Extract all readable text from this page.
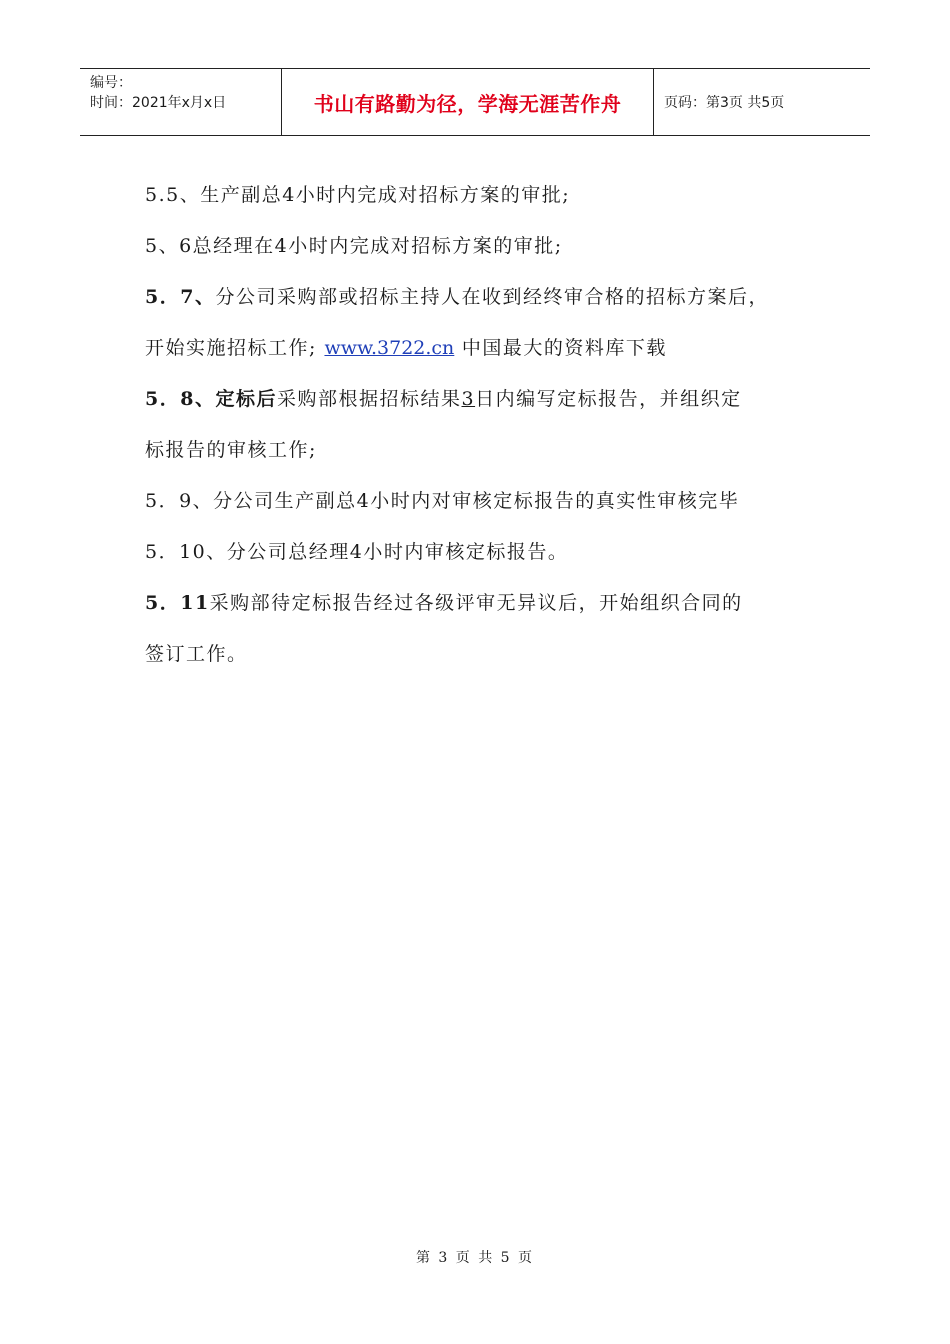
编号：
时间：2021年x月x日	书山有路勤为径，学海无涯苦作舟	页码：第3页 共5页
5.5、生产副总4小时内完成对招标方案的审批;
5、6总经理在4小时内完成对招标方案的审批;
5．7、分公司采购部或招标主持人在收到经终审合格的招标方案后，
开始实施招标工作; www.3722.cn 中国最大的资料库下载
5．8、定标后采购部根据招标结果3日内编写定标报告，并组织定
标报告的审核工作;
5．9、分公司生产副总4小时内对审核定标报告的真实性审核完毕
5．10、分公司总经理4小时内审核定标报告。
5．11采购部待定标报告经过各级评审无异议后，开始组织合同的
签订工作。
第 3 页 共 5 页
